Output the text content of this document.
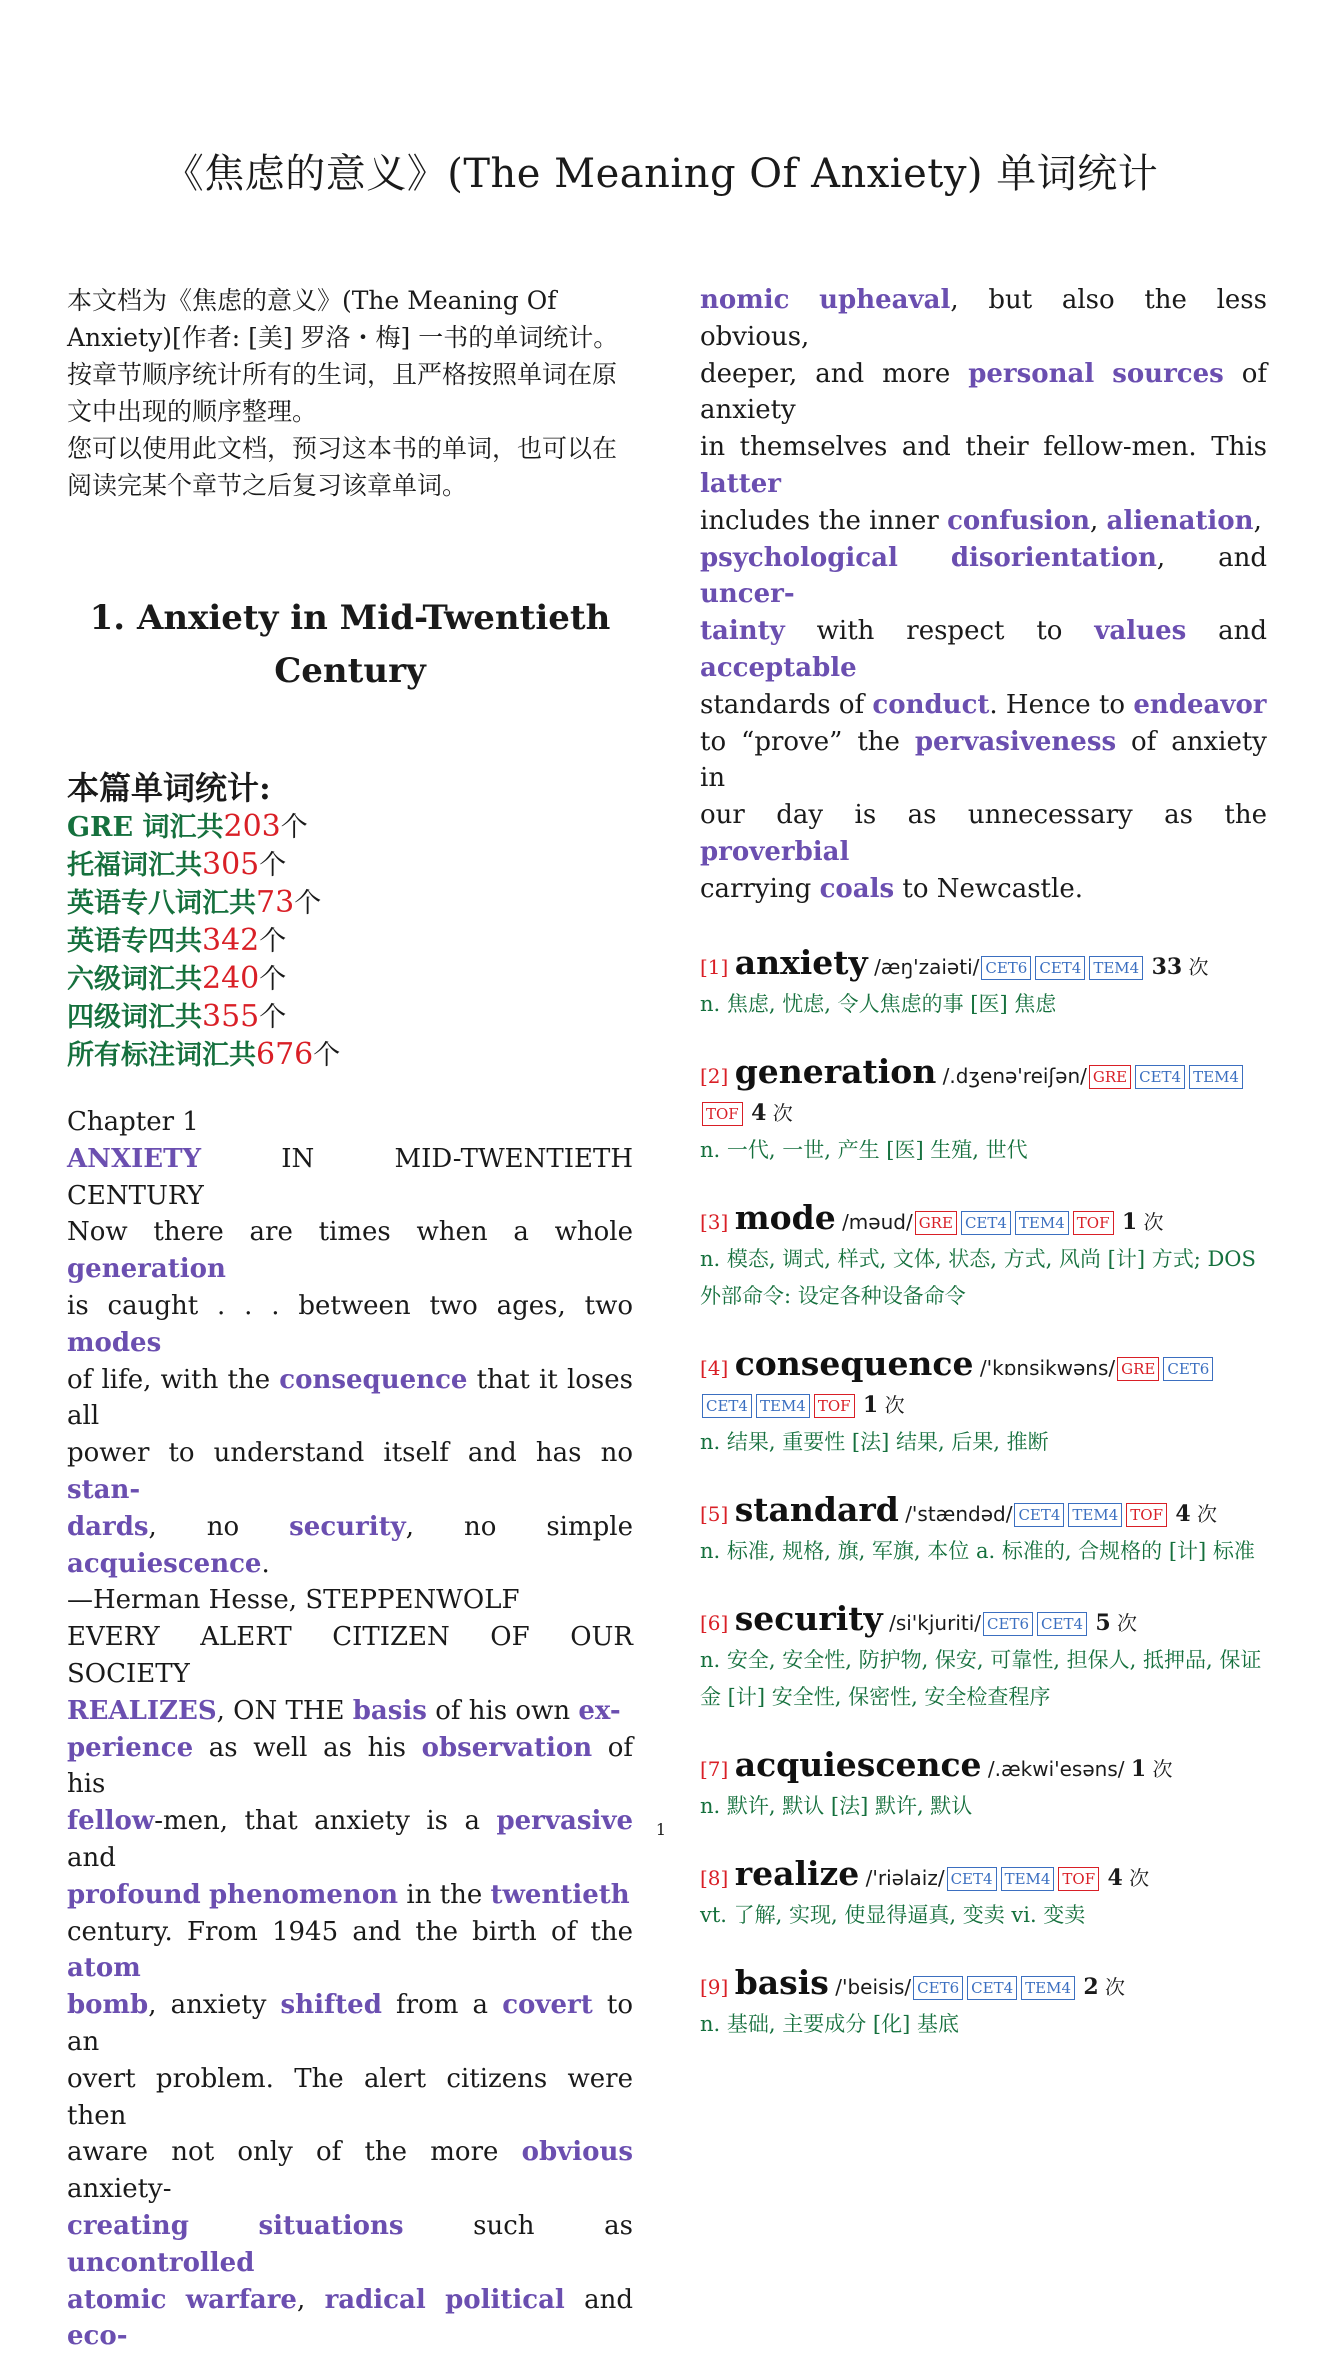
《焦虑的意义》(The Meaning Of Anxiety) 单词统计

本文档为《焦虑的意义》(The Meaning Of Anxiety)[作者: [美] 罗洛・梅] 一书的单词统计。

按章节顺序统计所有的生词，且严格按照单词在原文中出现的顺序整理。

您可以使用此文档，预习这本书的单词，也可以在阅读完某个章节之后复习该章单词。

1. Anxiety in Mid-Twentieth Century
本篇单词统计:
GRE 词汇共203个
托福词汇共305个
英语专八词汇共73个
英语专四共342个
六级词汇共240个
四级词汇共355个
所有标注词汇共676个
Chapter 1
ANXIETY IN MID-TWENTIETH CENTURY
Now there are times when a whole generation
is caught . . . between two ages, two modes
of life, with the consequence that it loses all
power to understand itself and has no stan-
dards, no security, no simple acquiescence.
—Herman Hesse, STEPPENWOLF
EVERY ALERT CITIZEN OF OUR SOCIETY
REALIZES, ON THE basis of his own ex-
perience as well as his observation of his
fellow-men, that anxiety is a pervasive and
profound phenomenon in the twentieth
century. From 1945 and the birth of the atom
bomb, anxiety shifted from a covert to an
overt problem. The alert citizens were then
aware not only of the more obvious anxiety-
creating	situations such as uncontrolled
atomic warfare, radical political and eco-
nomic upheaval, but also the less obvious,
deeper, and more personal sources of anxiety
in themselves and their fellow-men. This latter
includes the inner confusion, alienation,
psychological disorientation, and uncer-
tainty with respect to values and acceptable
standards of conduct. Hence to endeavor
to “prove” the pervasiveness of anxiety in
our day is as unnecessary as the proverbial
carrying coals to Newcastle.
[1] anxiety /æŋ'zaiəti/ CET6 CET4 TEM4 33 次
n. 焦虑, 忧虑, 令人焦虑的事 [医] 焦虑
[2] generation /.dʒenə'reiʃən/ GRE CET4 TEM4TOF 4 次
n. 一代, 一世, 产生 [医] 生殖, 世代
[3] mode /məud/ GRE CET4 TEM4 TOF 1 次
n. 模态, 调式, 样式, 文体, 状态, 方式, 风尚 [计] 方式; DOS 外部命令: 设定各种设备命令
[4] consequence /'kɒnsikwəns/ GRE CET6CET4 TEM4 TOF 1 次
n. 结果, 重要性 [法] 结果, 后果, 推断
[5] standard /'stændəd/ CET4 TEM4 TOF 4 次
n. 标准, 规格, 旗, 军旗, 本位 a. 标准的, 合规格的 [计] 标准
[6] security /si'kjuriti/ CET6 CET4 5 次
n. 安全, 安全性, 防护物, 保安, 可靠性, 担保人, 抵押品, 保证金 [计] 安全性, 保密性, 安全检查程序
[7] acquiescence /.ækwi'esəns/ 1 次
n. 默许, 默认 [法] 默许, 默认
[8] realize /'riəlaiz/ CET4 TEM4 TOF 4 次
vt. 了解, 实现, 使显得逼真, 变卖 vi. 变卖
[9] basis /'beisis/ CET6 CET4 TEM4 2 次
n. 基础, 主要成分 [化] 基底
1
